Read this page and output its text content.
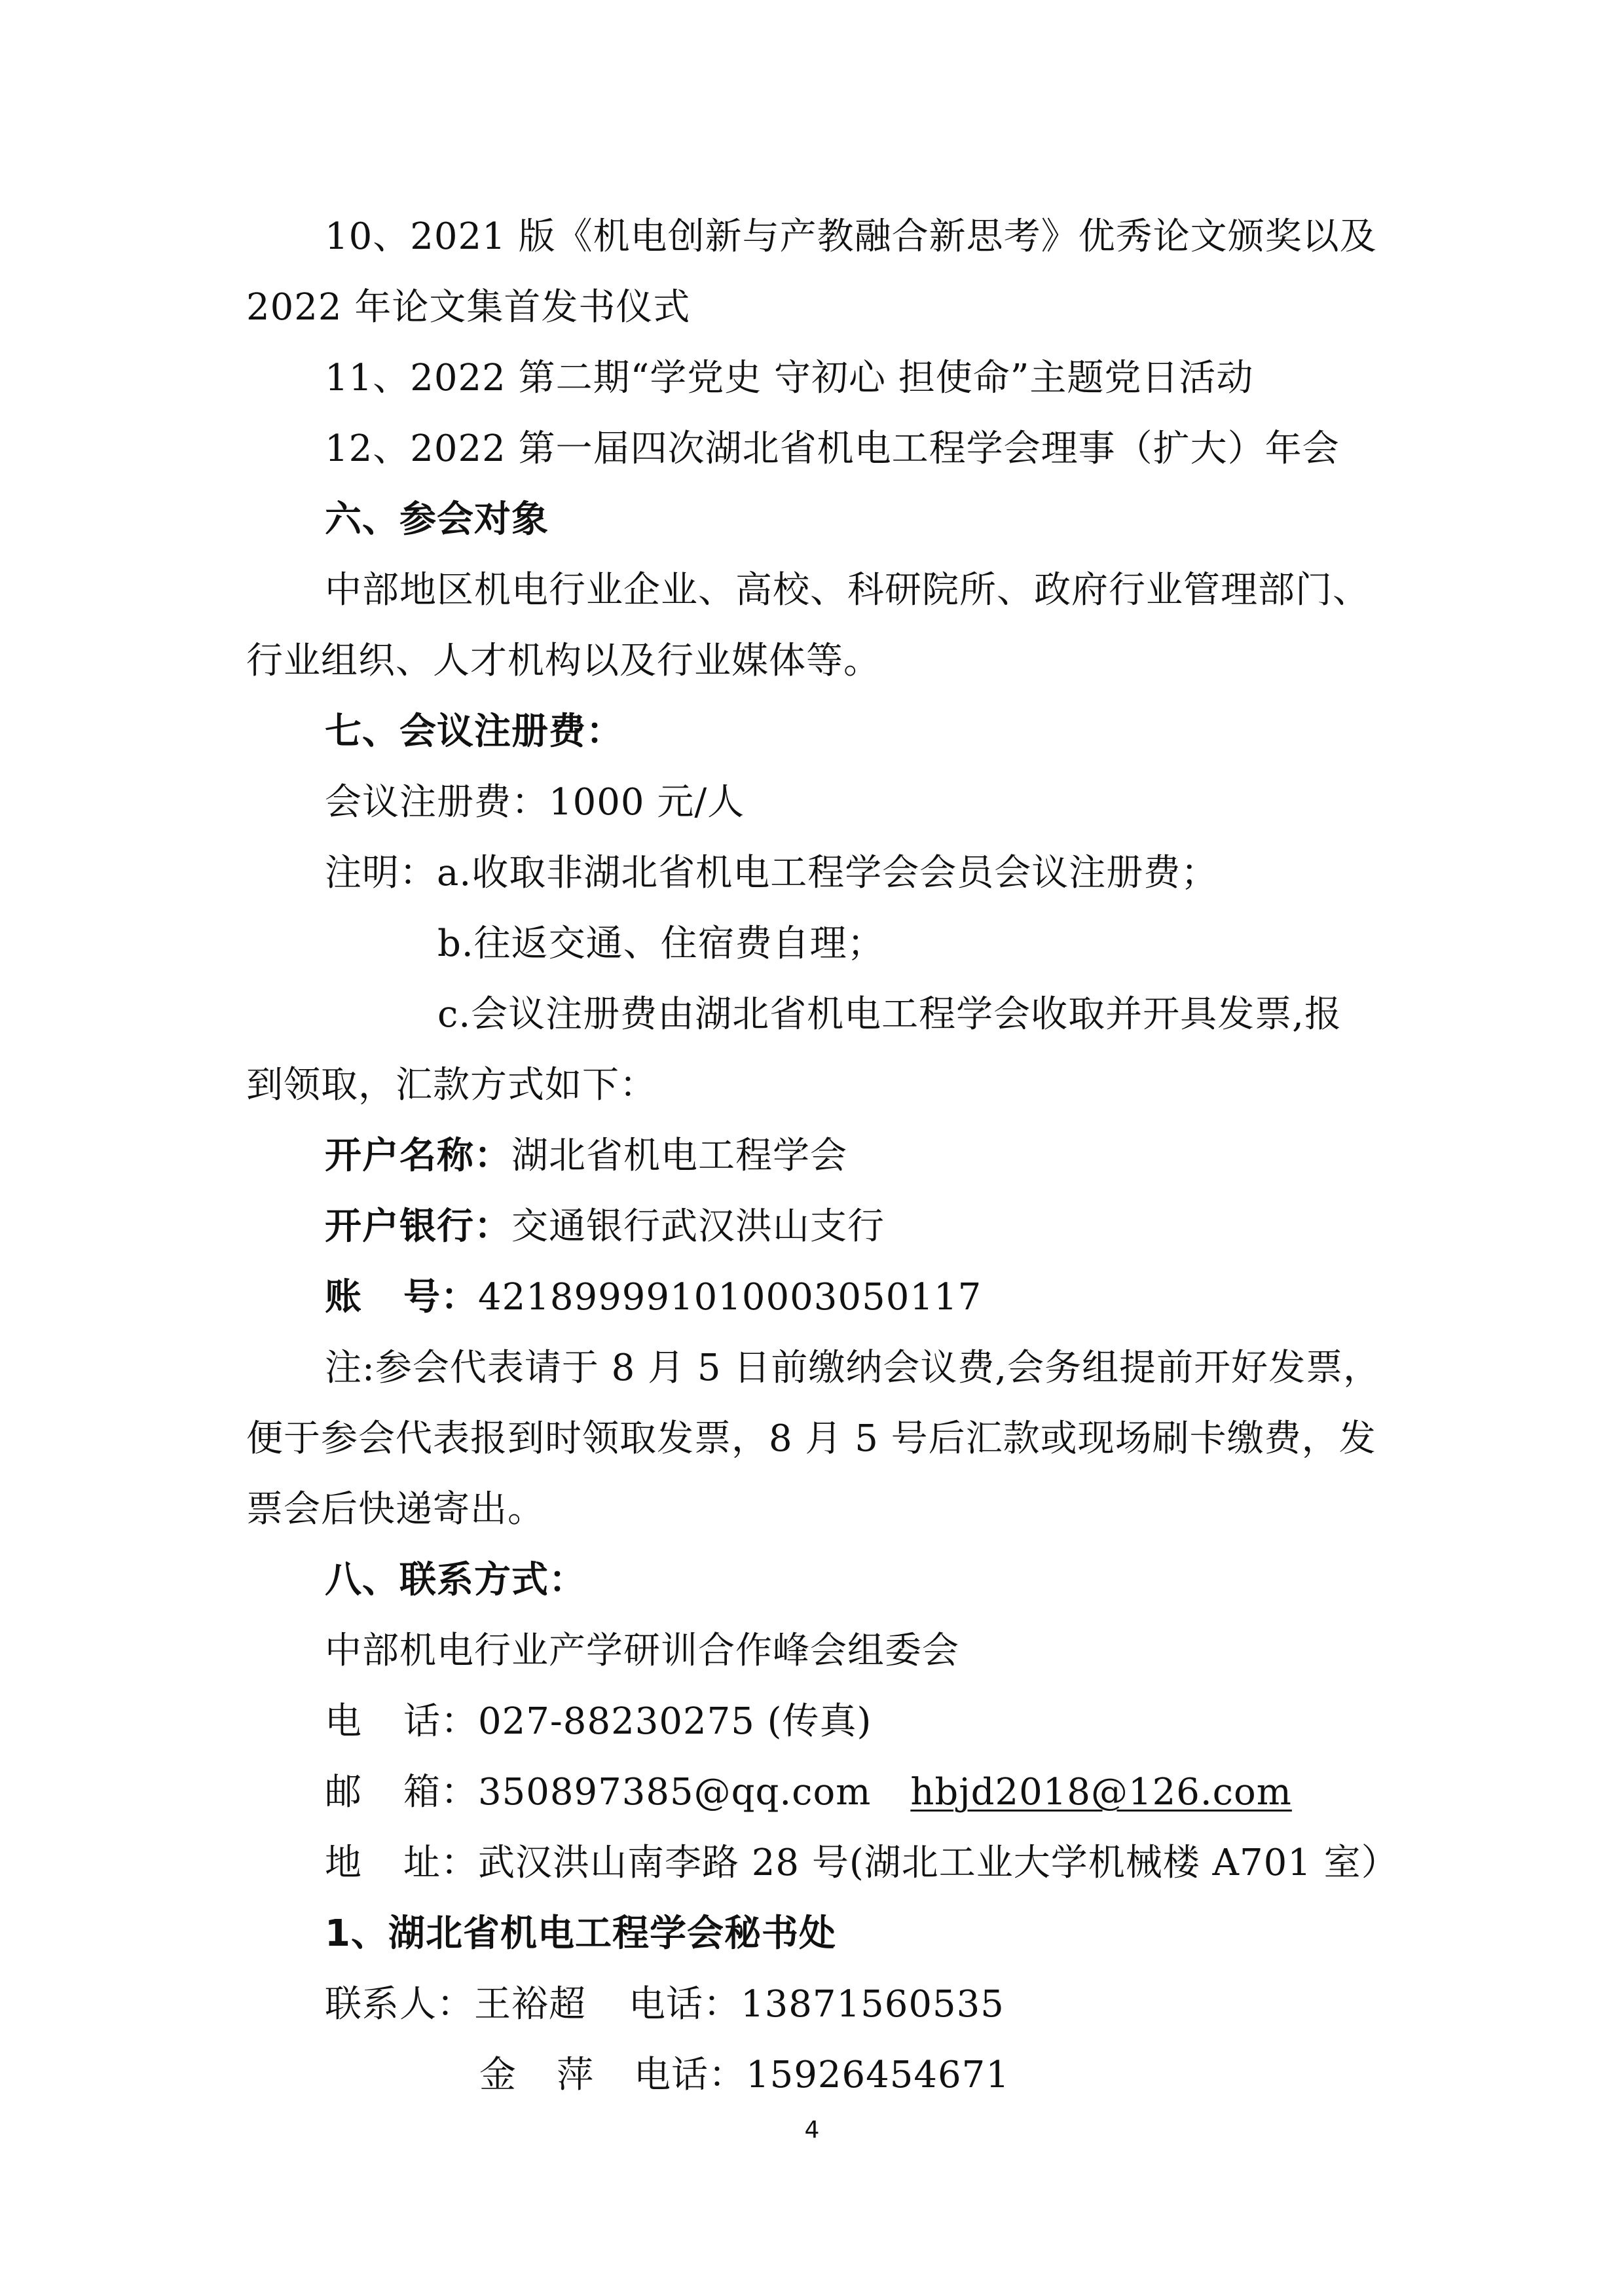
10、2021 版《机电创新与产教融合新思考》优秀论文颁奖以及
2022 年论文集首发书仪式
11、2022 第二期“学党史 守初心 担使命”主题党日活动
12、2022 第一届四次湖北省机电工程学会理事（扩大）年会
六、参会对象
中部地区机电行业企业、高校、科研院所、政府行业管理部门、
行业组织、人才机构以及行业媒体等。
七、会议注册费：
会议注册费：1000 元/人
注明：a.收取非湖北省机电工程学会会员会议注册费；
b.往返交通、住宿费自理；
c.会议注册费由湖北省机电工程学会收取并开具发票,报
到领取，汇款方式如下：
开户名称：湖北省机电工程学会
开户银行：交通银行武汉洪山支行
账 号：421899991010003050117
注:参会代表请于 8 月 5 日前缴纳会议费,会务组提前开好发票，
便于参会代表报到时领取发票，8 月 5 号后汇款或现场刷卡缴费，发
票会后快递寄出。
八、联系方式：
中部机电行业产学研训合作峰会组委会
电 话：027-88230275 (传真)
邮 箱：350897385@qq.com hbjd2018@126.com
地 址：武汉洪山南李路 28 号(湖北工业大学机械楼 A701 室）
1、湖北省机电工程学会秘书处
联系人：王裕超 电话：13871560535
金 萍 电话：15926454671
4
